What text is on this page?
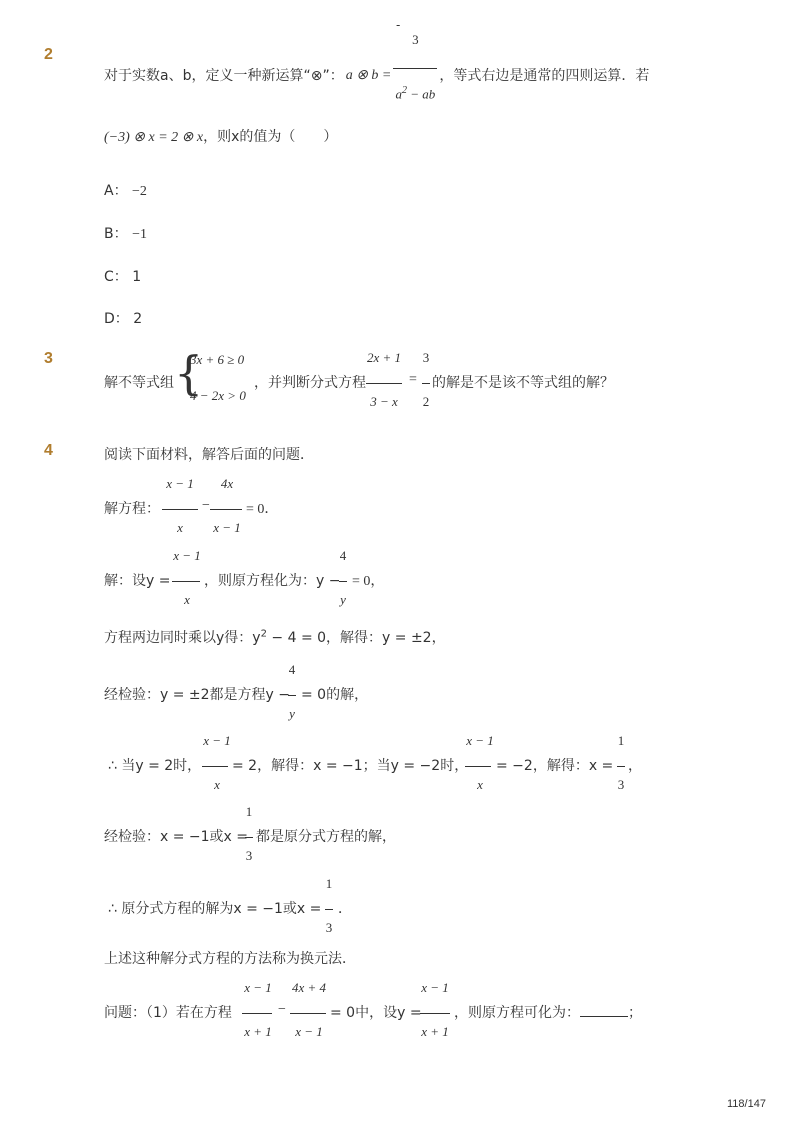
-
2
对于实数a、b，定义一种新运算“⊗”： a ⊗ $b = \frac{3}{a^2 - ab}$ ，等式右边是通常的四则运算．若
(−3) ⊗ x = 2 ⊗ x，则x的值为（　　）
A： −2
B： −1
C： 1
D： 2
3
解不等式组 {
3x + 6 ≥ 0
4 − 2x > 0
，并判断分式方程
2x + 1
3 − x
=
3
2
的解是不是该不等式组的解？
4	阅读下面材料，解答后面的问题．
解方程：
x − 1
x
−
4x
x − 1
= 0．
解：设y =
x − 1
x
，则原方程化为：y −
4
y
= 0，
方程两边同时乘以y得：$y^2 - 4 = 0$，解得：y = ±2，
经检验：y = ±2都是方程y −
4
y
= 0的解，
∴ 当y = 2时，
x − 1
x
= 2，解得：x = −1；当y = −2时，
x − 1
x
= −2，解得：x =
1
3
，
经检验：x = −1或x =
1
3
都是原分式方程的解，
∴ 原分式方程的解为x = −1或x =
1
3
．
上述这种解分式方程的方法称为换元法．
问题：（1）若在方程
x − 1
x + 1
−
4x + 4
x − 1
= 0中，设y =
x − 1
x + 1
，则原方程可化为：	；
118/147
